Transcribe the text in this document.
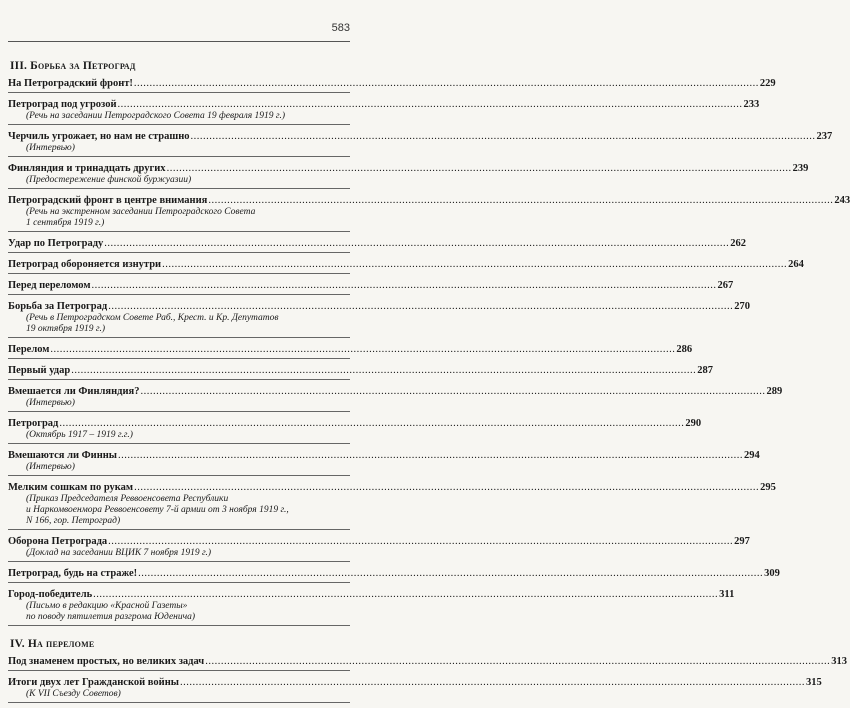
583
III. Борьба за Петроград
На Петроградский фронт! ........................................................................................................................................................................................................ 229
Петроград под угрозой ........................................................................................................................................................................................................ 233
(Речь на заседании Петроградского Совета 19 февраля 1919 г.)
Черчиль угрожает, но нам не страшно ........................................................................................................................................................................................................ 237
(Интервью)
Финляндия и тринадцать других ........................................................................................................................................................................................................ 239
(Предостережение финской буржуазии)
Петроградский фронт в центре внимания ........................................................................................................................................................................................................ 243
(Речь на экстренном заседании Петроградского Совета
1 сентября 1919 г.)
Удар по Петрограду ........................................................................................................................................................................................................ 262
Петроград обороняется изнутри ........................................................................................................................................................................................................ 264
Перед переломом ........................................................................................................................................................................................................ 267
Борьба за Петроград ........................................................................................................................................................................................................ 270
(Речь в Петроградском Совете Раб., Крест. и Кр. Депутатов
19 октября 1919 г.)
Перелом ........................................................................................................................................................................................................ 286
Первый удар ........................................................................................................................................................................................................ 287
Вмешается ли Финляндия? ........................................................................................................................................................................................................ 289
(Интервью)
Петроград ........................................................................................................................................................................................................ 290
(Октябрь 1917 – 1919 г.г.)
Вмешаются ли Финны ........................................................................................................................................................................................................ 294
(Интервью)
Мелким сошкам по рукам ........................................................................................................................................................................................................ 295
(Приказ Председателя Реввоенсовета Республики
и Наркомвоенмора Реввоенсовету 7-й армии от 3 ноября 1919 г.,
N 166, гор. Петроград)
Оборона Петрограда ........................................................................................................................................................................................................ 297
(Доклад на заседании ВЦИК 7 ноября 1919 г.)
Петроград, будь на страже! ........................................................................................................................................................................................................ 309
Город-победитель ........................................................................................................................................................................................................ 311
(Письмо в редакцию «Красной Газеты»
по поводу пятилетия разгрома Юденича)
IV. На переломе
Под знаменем простых, но великих задач ........................................................................................................................................................................................................ 313
Итоги двух лет Гражданской войны ........................................................................................................................................................................................................ 315
(К VII Съезду Советов)
